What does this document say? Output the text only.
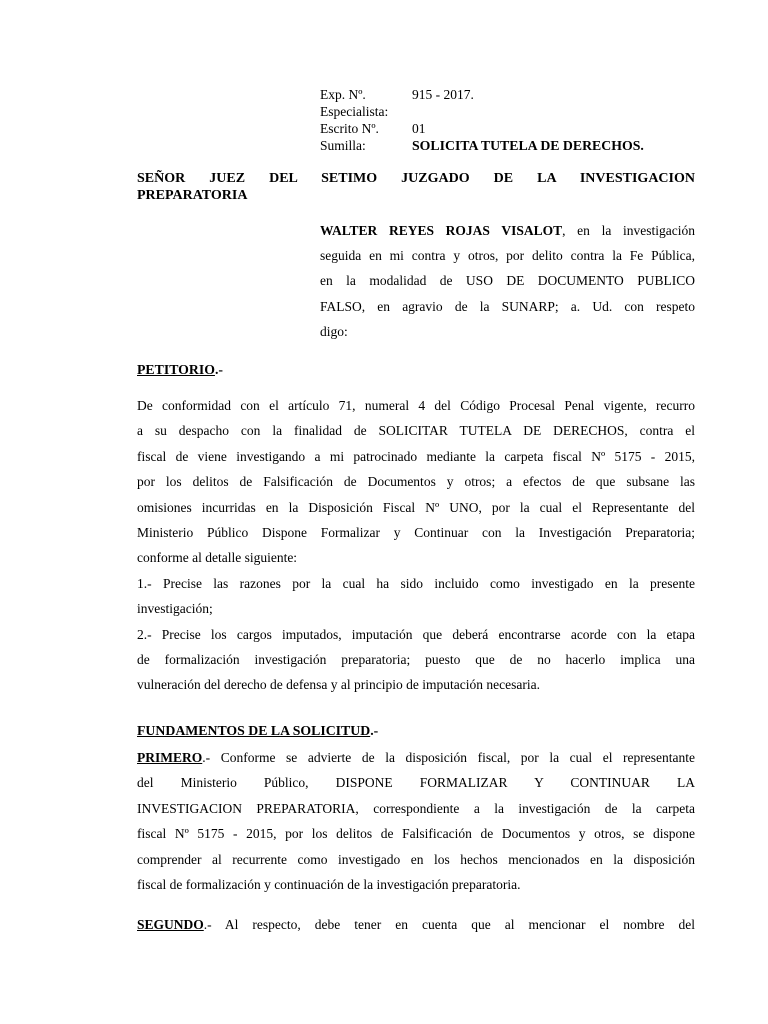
Exp. Nº.	915 - 2017.
Especialista:
Escrito Nº.	01
Sumilla:	SOLICITA TUTELA DE DERECHOS.
SEÑOR JUEZ DEL SETIMO JUZGADO DE LA INVESTIGACION
PREPARATORIA
WALTER REYES ROJAS VISALOT, en la investigación
seguida en mi contra y otros, por delito contra la Fe Pública,
en la modalidad de USO DE DOCUMENTO PUBLICO
FALSO, en agravio de la SUNARP; a. Ud. con respeto
digo:
PETITORIO.-
De conformidad con el artículo 71, numeral 4 del Código Procesal Penal vigente, recurro
a su despacho con la finalidad de SOLICITAR TUTELA DE DERECHOS, contra el
fiscal de viene investigando a mi patrocinado mediante la carpeta fiscal Nº 5175 - 2015,
por los delitos de Falsificación de Documentos y otros; a efectos de que subsane las
omisiones incurridas en la Disposición Fiscal Nº UNO, por la cual el Representante del
Ministerio Público Dispone Formalizar y Continuar con la Investigación Preparatoria;
conforme al detalle siguiente:
1.- Precise las razones por la cual ha sido incluido como investigado en la presente
investigación;
2.- Precise los cargos imputados, imputación que deberá encontrarse acorde con la etapa
de formalización investigación preparatoria; puesto que de no hacerlo implica una
vulneración del derecho de defensa y al principio de imputación necesaria.
FUNDAMENTOS DE LA SOLICITUD.-
PRIMERO.- Conforme se advierte de la disposición fiscal, por la cual el representante
del Ministerio Público, DISPONE FORMALIZAR Y CONTINUAR LA
INVESTIGACION PREPARATORIA, correspondiente a la investigación de la carpeta
fiscal Nº 5175 - 2015, por los delitos de Falsificación de Documentos y otros, se dispone
comprender al recurrente como investigado en los hechos mencionados en la disposición
fiscal de formalización y continuación de la investigación preparatoria.
SEGUNDO.- Al respecto, debe tener en cuenta que al mencionar el nombre del
